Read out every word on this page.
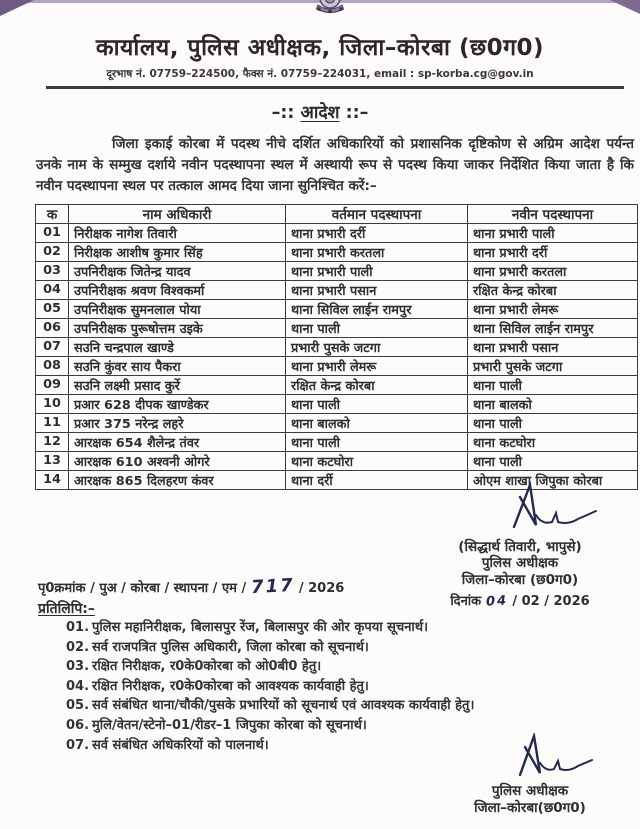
कार्यालय, पुलिस अधीक्षक, जिला–कोरबा (छ0ग0)
दूरभाष नं. 07759–224500, फैक्स नं. 07759–224031, email : sp-korba.cg@gov.in
–:: आदेश ::–
जिला इकाई कोरबा में पदस्थ नीचे दर्शित अधिकारियों को प्रशासनिक दृष्टिकोण से अग्रिम आदेश पर्यन्त उनके नाम के सम्मुख दर्शाये नवीन पदस्थापना स्थल में अस्थायी रूप से पदस्थ किया जाकर निर्देशित किया जाता है कि नवीन पदस्थापना स्थल पर तत्काल आमद दिया जाना सुनिश्चित करें:–
क	नाम अधिकारी	वर्तमान पदस्थापना	नवीन पदस्थापना
01	निरीक्षक नागेश तिवारी	थाना प्रभारी दर्री	थाना प्रभारी पाली
02	निरीक्षक आशीष कुमार सिंह	थाना प्रभारी करतला	थाना प्रभारी दर्री
03	उपनिरीक्षक जितेन्द्र यादव	थाना प्रभारी पाली	थाना प्रभारी करतला
04	उपनिरीक्षक श्रवण विश्वकर्मा	थाना प्रभारी पसान	रक्षित केन्द्र कोरबा
05	उपनिरीक्षक सुमनलाल पोया	थाना सिविल लाईन रामपुर	थाना प्रभारी लेमरू
06	उपनिरीक्षक पुरूषोत्तम उइके	थाना पाली	थाना सिविल लाईन रामपुर
07	सउनि चन्द्रपाल खाण्डे	प्रभारी पुसके जटगा	थाना प्रभारी पसान
08	सउनि कुंवर साय पैकरा	थाना प्रभारी लेमरू	प्रभारी पुसके जटगा
09	सउनि लक्ष्मी प्रसाद कुर्रे	रक्षित केन्द्र कोरबा	थाना पाली
10	प्रआर 628 दीपक खाण्डेकर	थाना पाली	थाना बालको
11	प्रआर 375 नरेन्द्र लहरे	थाना बालको	थाना पाली
12	आरक्षक 654 शैलेन्द्र तंवर	थाना पाली	थाना कटघोरा
13	आरक्षक 610 अश्वनी ओगरे	थाना कटघोरा	थाना पाली
14	आरक्षक 865 दिलहरण कंवर	थाना दर्री	ओएम शाखा जिपुका कोरबा
(सिद्धार्थ तिवारी, भापुसे)
पुलिस अधीक्षक
जिला–कोरबा (छ0ग0)
दिनांक 04 / 02 / 2026
पृ0क्रमांक / पुअ / कोरबा / स्थापना / एम / 717 / 2026
प्रतिलिपि:–
01. पुलिस महानिरीक्षक, बिलासपुर रेंज, बिलासपुर की ओर कृपया सूचनार्थ।
02. सर्व राजपत्रित पुलिस अधिकारी, जिला कोरबा को सूचनार्थ।
03. रक्षित निरीक्षक, र0के0कोरबा को ओ0बी0 हेतु।
04. रक्षित निरीक्षक, र0के0कोरबा को आवश्यक कार्यवाही हेतु।
05. सर्व संबंधित थाना/चौकी/पुसके प्रभारियों को सूचनार्थ एवं आवश्यक कार्यवाही हेतु।
06. मुलि/वेतन/स्टेनो–01/रीडर–1 जिपुका कोरबा को सूचनार्थ।
07. सर्व संबंधित अधिकरियों को पालनार्थ।
पुलिस अधीक्षक
जिला–कोरबा(छ0ग0)
